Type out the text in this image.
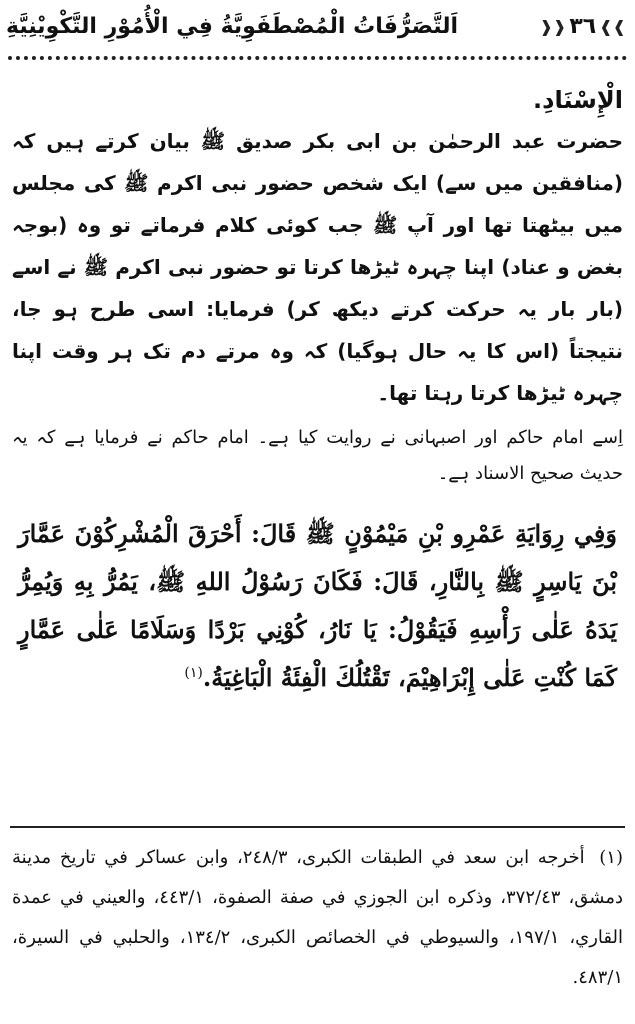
❱❱
٣٦
❰❰
اَلتَّصَرُّفَاتُ الْمُصْطَفَوِيَّةُ فِي الْأُمُوْرِ التَّكْوِيْنِيَّةِ

الْإِسْنَادِ.

حضرت عبد الرحمٰن بن ابی بکر صدیق ﷺ بیان کرتے ہیں کہ (منافقین میں سے) ایک شخص حضور نبی اکرم ﷺ کی مجلس میں بیٹھتا تھا اور آپ ﷺ جب کوئی کلام فرماتے تو وہ (بوجہ بغض و عناد) اپنا چہرہ ٹیڑھا کرتا تو حضور نبی اکرم ﷺ نے اسے (بار بار یہ حرکت کرتے دیکھ کر) فرمایا: اسی طرح ہو جا، نتیجتاً (اس کا یہ حال ہوگیا) کہ وہ مرتے دم تک ہر وقت اپنا چہرہ ٹیڑھا کرتا رہتا تھا۔

اِسے امام حاکم اور اصبہانی نے روایت کیا ہے۔ امام حاکم نے فرمایا ہے کہ یہ حدیث صحیح الاسناد ہے۔

وَفِي رِوَايَةِ عَمْرِو بْنِ مَيْمُوْنٍ ﷺ قَالَ: أَحْرَقَ الْمُشْرِكُوْنَ عَمَّارَ بْنَ يَاسِرٍ ﷺ بِالنَّارِ، قَالَ: فَكَانَ رَسُوْلُ اللهِ ﷺ، يَمُرُّ بِهِ وَيُمِرُّ يَدَهُ عَلٰى رَأْسِهِ فَيَقُوْلُ: يَا نَارُ، كُوْنِي بَرْدًا وَسَلَامًا عَلٰى عَمَّارٍ كَمَا كُنْتِ عَلٰى إِبْرَاهِيْمَ، تَقْتُلُكَ الْفِئَةُ الْبَاغِيَةُ.$^{(١)}$

(١) أخرجه ابن سعد في الطبقات الكبرى، ٢٤٨/٣، وابن عساكر في تاريخ مدينة دمشق، ٣٧٢/٤٣، وذكره ابن الجوزي في صفة الصفوة، ٤٤٣/١، والعيني في عمدة القاري، ١٩٧/١، والسيوطي في الخصائص الكبرى، ١٣٤/٢، والحلبي في السيرة، ٤٨٣/١.
